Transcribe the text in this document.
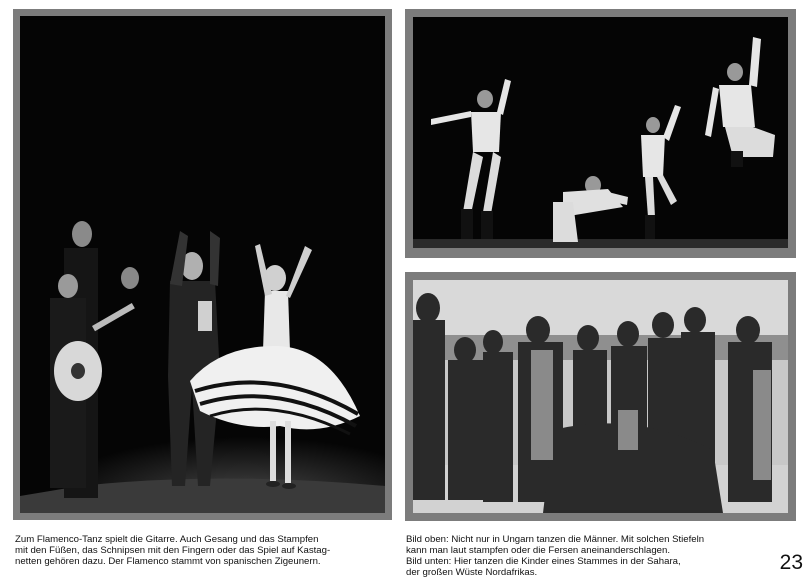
Zum Flamenco-Tanz spielt die Gitarre. Auch Gesang und das Stampfen
mit den Füßen, das Schnipsen mit den Fingern oder das Spiel auf Kastag-
netten gehören dazu. Der Flamenco stammt von spanischen Zigeunern.
Bild oben: Nicht nur in Ungarn tanzen die Männer. Mit solchen Stiefeln
kann man laut stampfen oder die Fersen aneinanderschlagen.
Bild unten: Hier tanzen die Kinder eines Stammes in der Sahara,
der großen Wüste Nordafrikas.	23
